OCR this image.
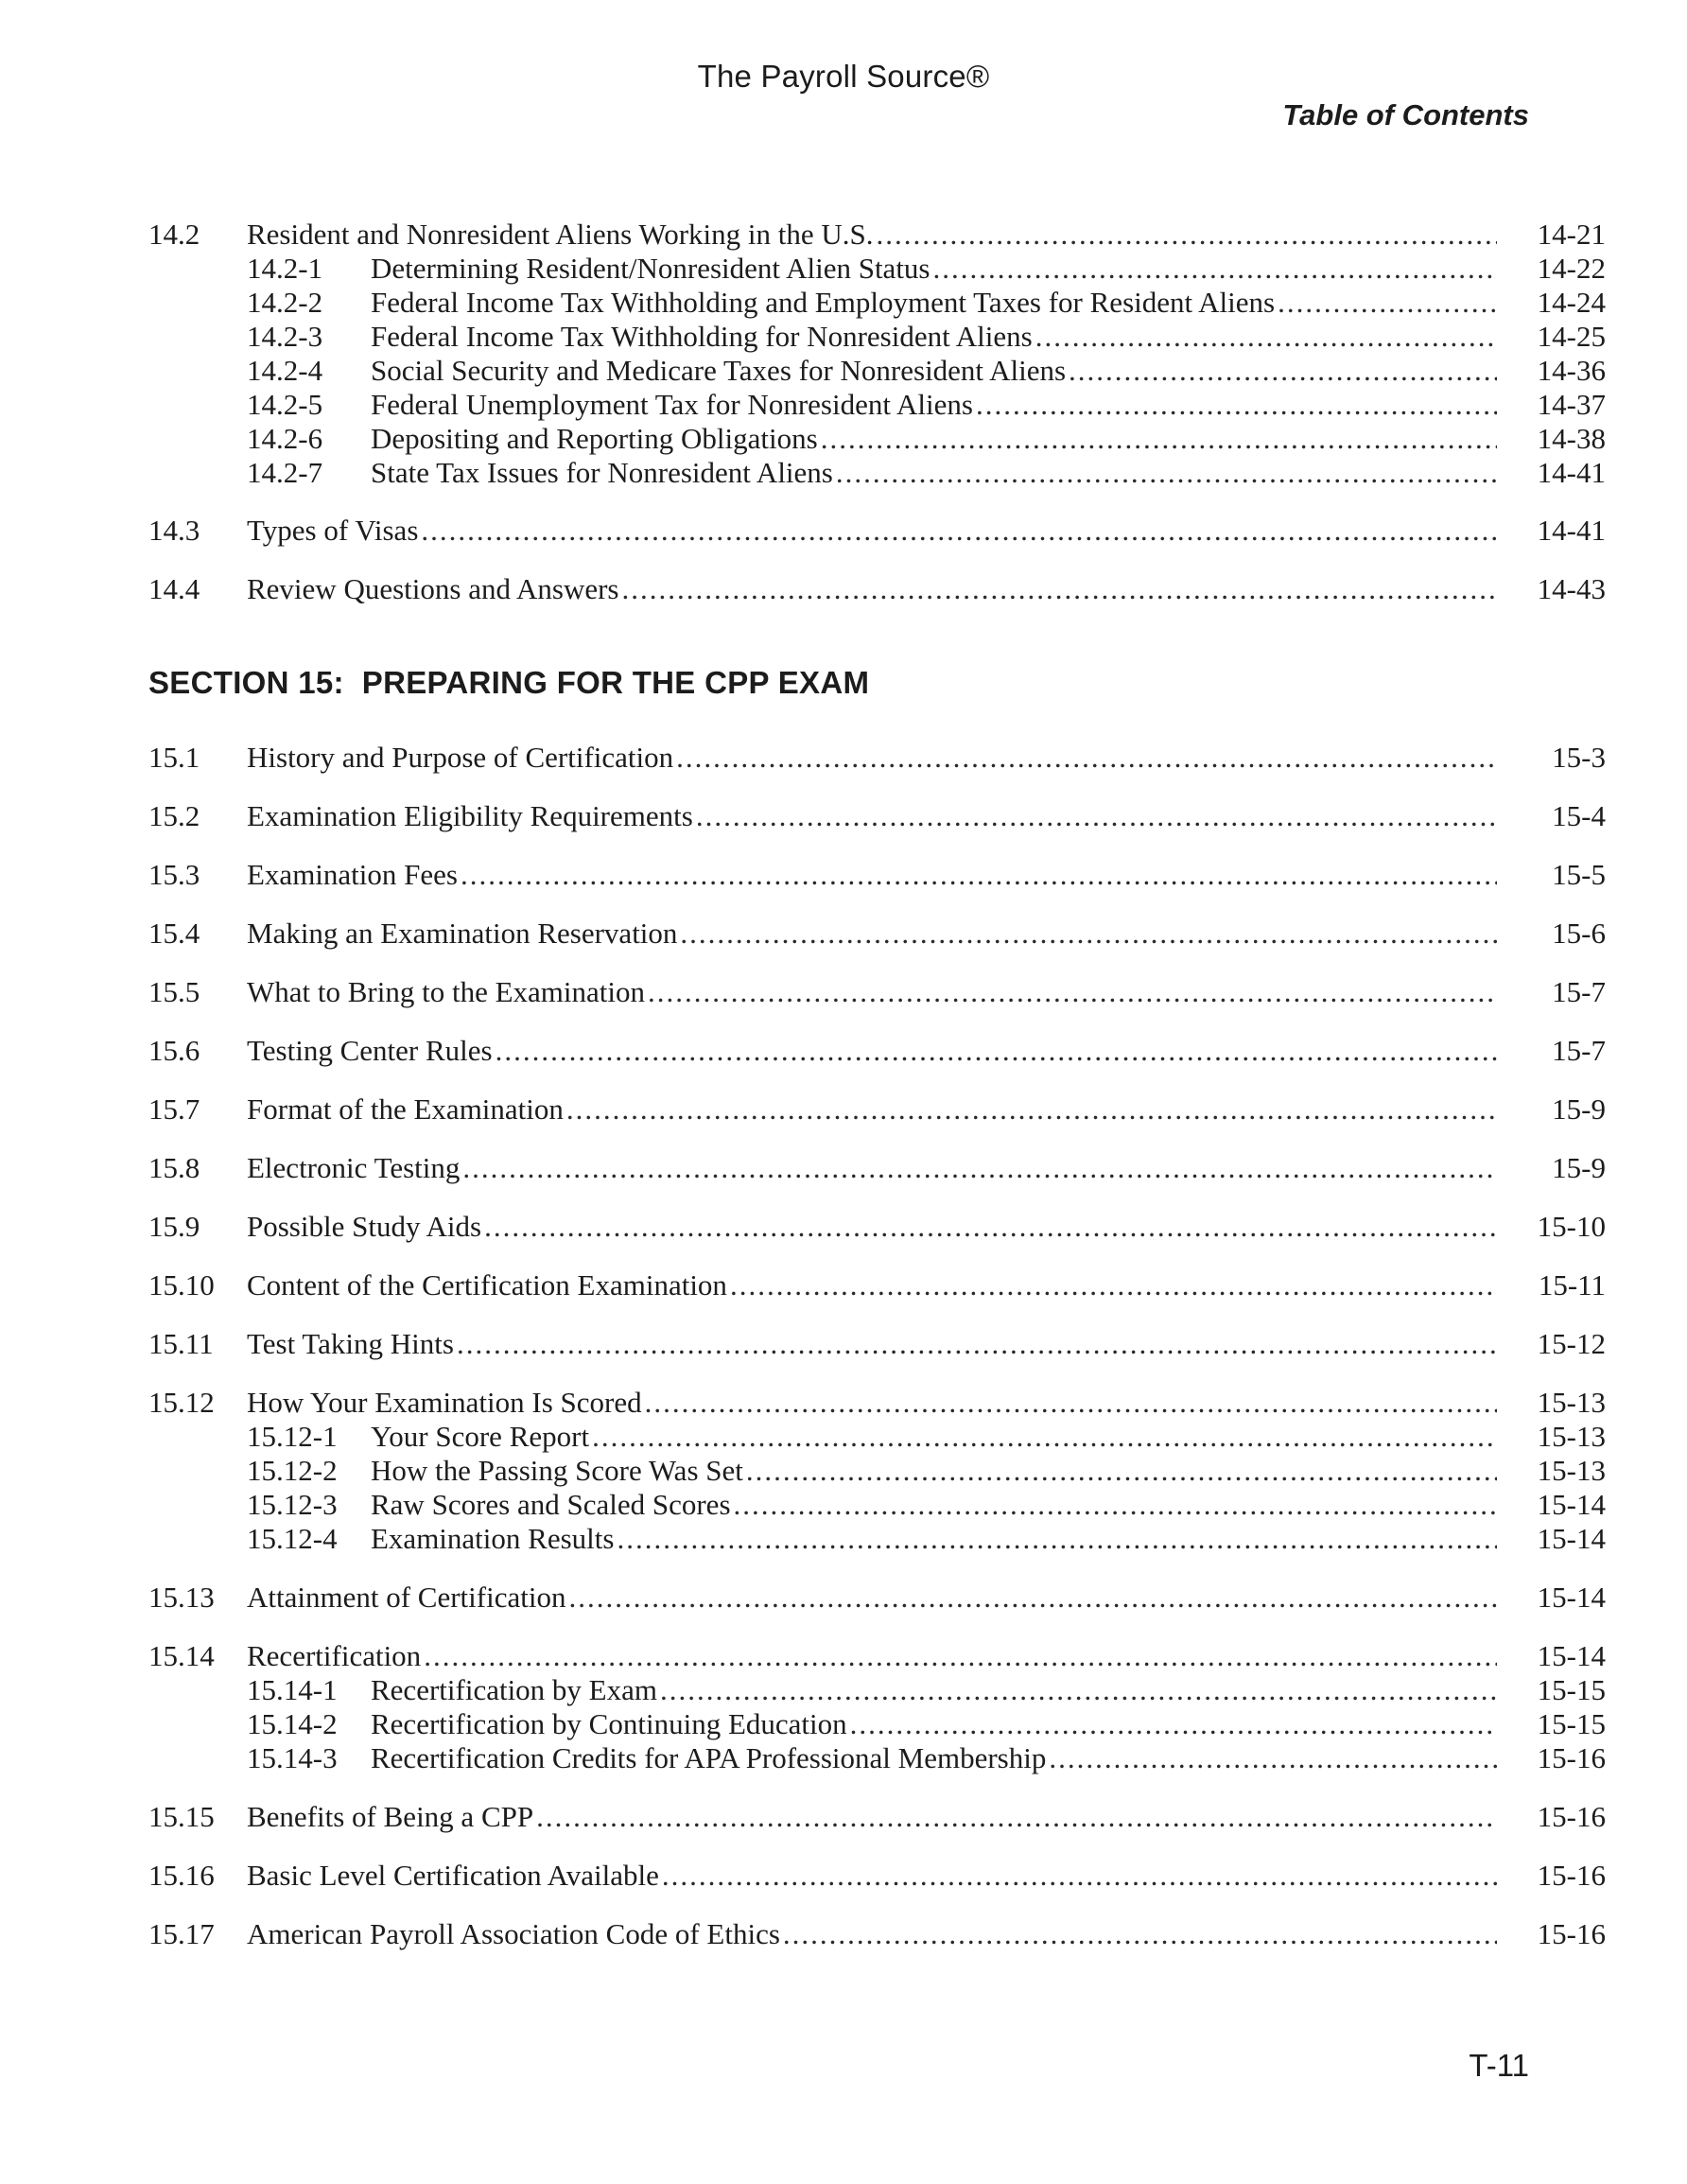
The Payroll Source®
Table of Contents
SECTION 15:  PREPARING FOR THE CPP EXAM
14.2 Resident and Nonresident Aliens Working in the U.S. .....	14-21
14.2-1 Determining Resident/Nonresident Alien Status .....	14-22
14.2-2 Federal Income Tax Withholding and Employment Taxes for Resident Aliens .....	14-24
14.2-3 Federal Income Tax Withholding for Nonresident Aliens .....	14-25
14.2-4 Social Security and Medicare Taxes for Nonresident Aliens .....	14-36
14.2-5 Federal Unemployment Tax for Nonresident Aliens .....	14-37
14.2-6 Depositing and Reporting Obligations .....	14-38
14.2-7 State Tax Issues for Nonresident Aliens .....	14-41
14.3 Types of Visas .....	14-41
14.4 Review Questions and Answers .....	14-43
15.1 History and Purpose of Certification .....	15-3
15.2 Examination Eligibility Requirements .....	15-4
15.3 Examination Fees .....	15-5
15.4 Making an Examination Reservation .....	15-6
15.5 What to Bring to the Examination .....	15-7
15.6 Testing Center Rules .....	15-7
15.7 Format of the Examination .....	15-9
15.8 Electronic Testing .....	15-9
15.9 Possible Study Aids .....	15-10
15.10 Content of the Certification Examination .....	15-11
15.11 Test Taking Hints .....	15-12
15.12 How Your Examination Is Scored .....	15-13
15.12-1 Your Score Report .....	15-13
15.12-2 How the Passing Score Was Set .....	15-13
15.12-3 Raw Scores and Scaled Scores .....	15-14
15.12-4 Examination Results .....	15-14
15.13 Attainment of Certification .....	15-14
15.14 Recertification .....	15-14
15.14-1 Recertification by Exam .....	15-15
15.14-2 Recertification by Continuing Education .....	15-15
15.14-3 Recertification Credits for APA Professional Membership .....	15-16
15.15 Benefits of Being a CPP .....	15-16
15.16 Basic Level Certification Available .....	15-16
15.17 American Payroll Association Code of Ethics .....	15-16
T-11
